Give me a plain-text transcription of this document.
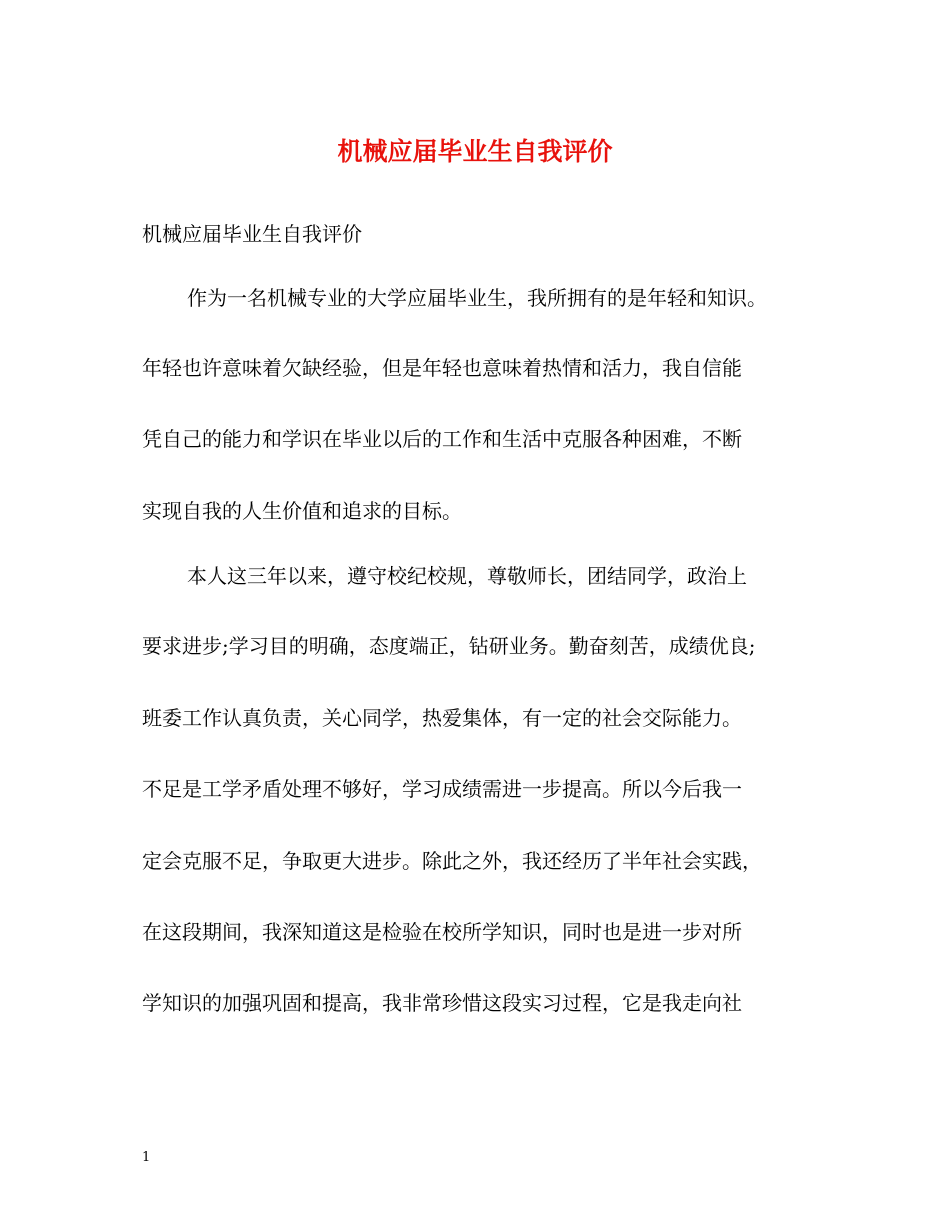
机械应届毕业生自我评价

机械应届毕业生自我评价

作为一名机械专业的大学应届毕业生，我所拥有的是年轻和知识。

年轻也许意味着欠缺经验，但是年轻也意味着热情和活力，我自信能

凭自己的能力和学识在毕业以后的工作和生活中克服各种困难，不断

实现自我的人生价值和追求的目标。

本人这三年以来，遵守校纪校规，尊敬师长，团结同学，政治上

要求进步;学习目的明确，态度端正，钻研业务。勤奋刻苦，成绩优良;

班委工作认真负责，关心同学，热爱集体，有一定的社会交际能力。

不足是工学矛盾处理不够好，学习成绩需进一步提高。所以今后我一

定会克服不足，争取更大进步。除此之外，我还经历了半年社会实践，

在这段期间，我深知道这是检验在校所学知识，同时也是进一步对所

学知识的加强巩固和提高，我非常珍惜这段实习过程，它是我走向社

1
